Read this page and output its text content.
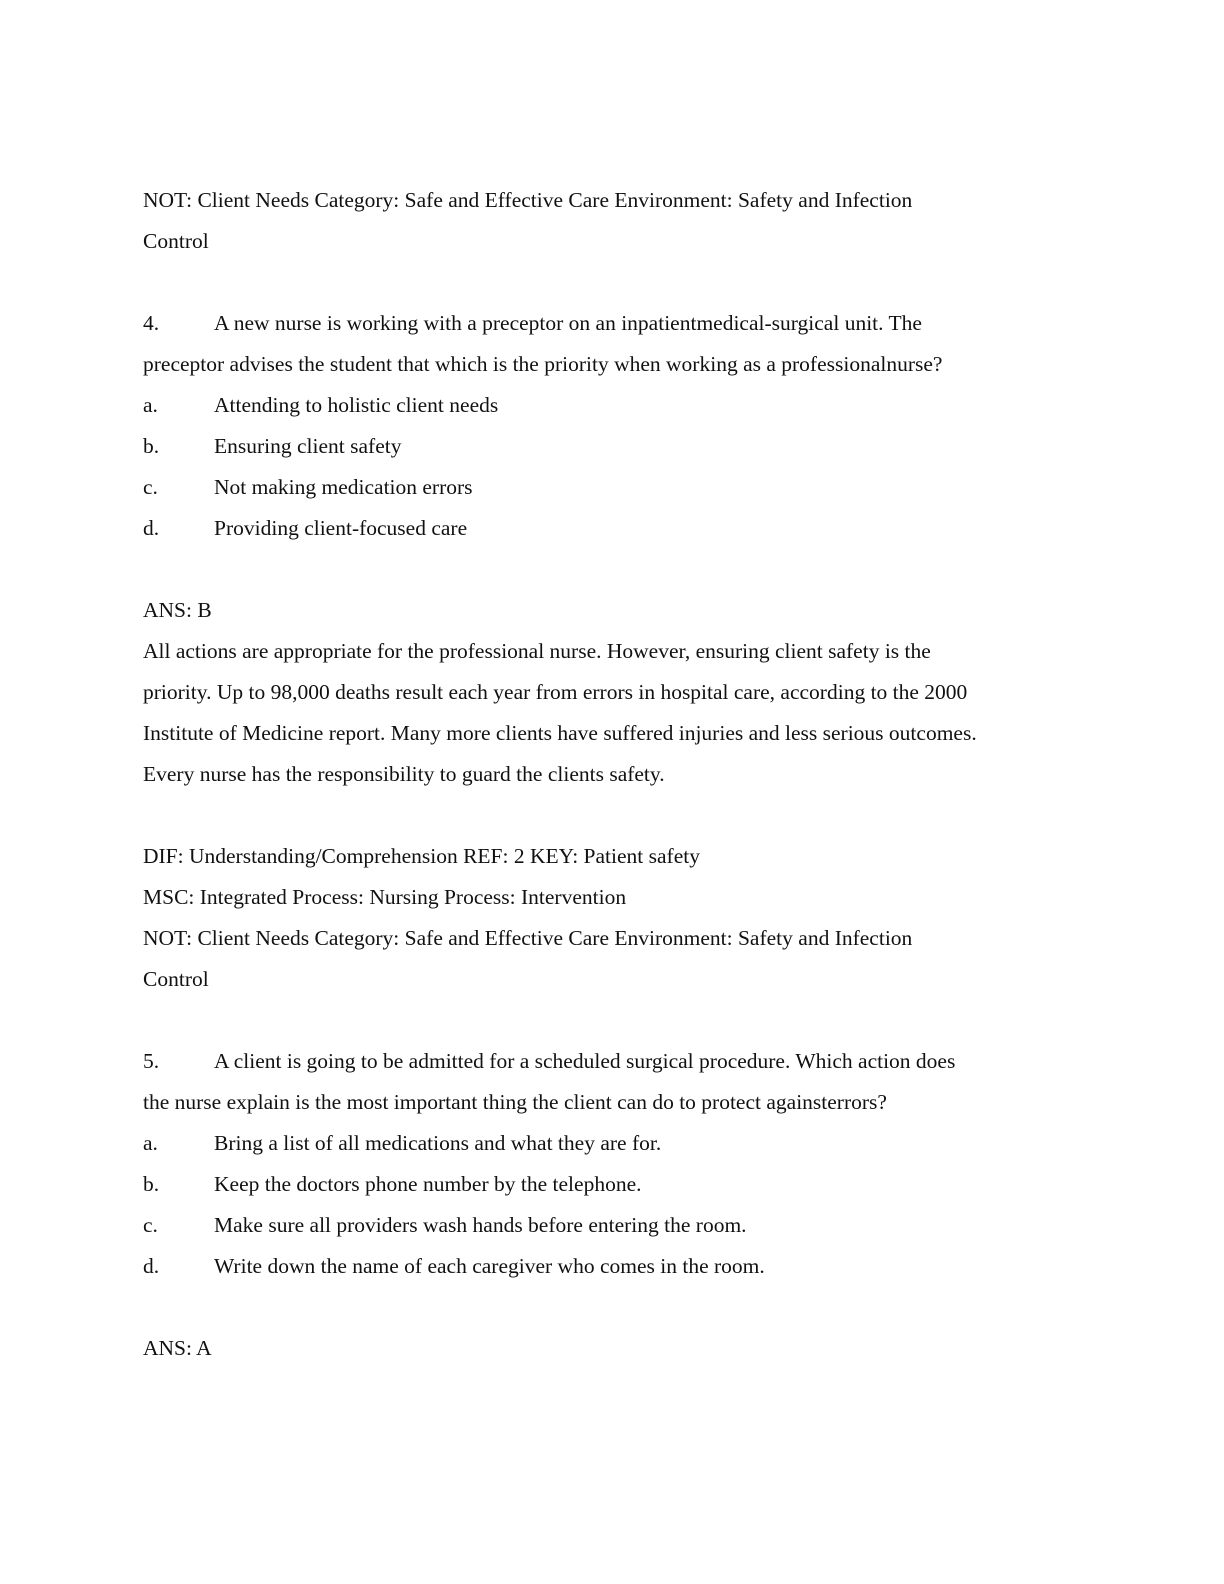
NOT: Client Needs Category: Safe and Effective Care Environment: Safety and Infection
Control
4.	A new nurse is working with a preceptor on an inpatientmedical-surgical unit. The
preceptor advises the student that which is the priority when working as a professionalnurse?
a.	Attending to holistic client needs
b.	Ensuring client safety
c.	Not making medication errors
d.	Providing client-focused care
ANS: B
All actions are appropriate for the professional nurse. However, ensuring client safety is the
priority. Up to 98,000 deaths result each year from errors in hospital care, according to the 2000
Institute of Medicine report. Many more clients have suffered injuries and less serious outcomes.
Every nurse has the responsibility to guard the clients safety.
DIF: Understanding/Comprehension REF: 2 KEY: Patient safety
MSC: Integrated Process: Nursing Process: Intervention
NOT: Client Needs Category: Safe and Effective Care Environment: Safety and Infection
Control
5.	A client is going to be admitted for a scheduled surgical procedure. Which action does
the nurse explain is the most important thing the client can do to protect againsterrors?
a.	Bring a list of all medications and what they are for.
b.	Keep the doctors phone number by the telephone.
c.	Make sure all providers wash hands before entering the room.
d.	Write down the name of each caregiver who comes in the room.
ANS: A
